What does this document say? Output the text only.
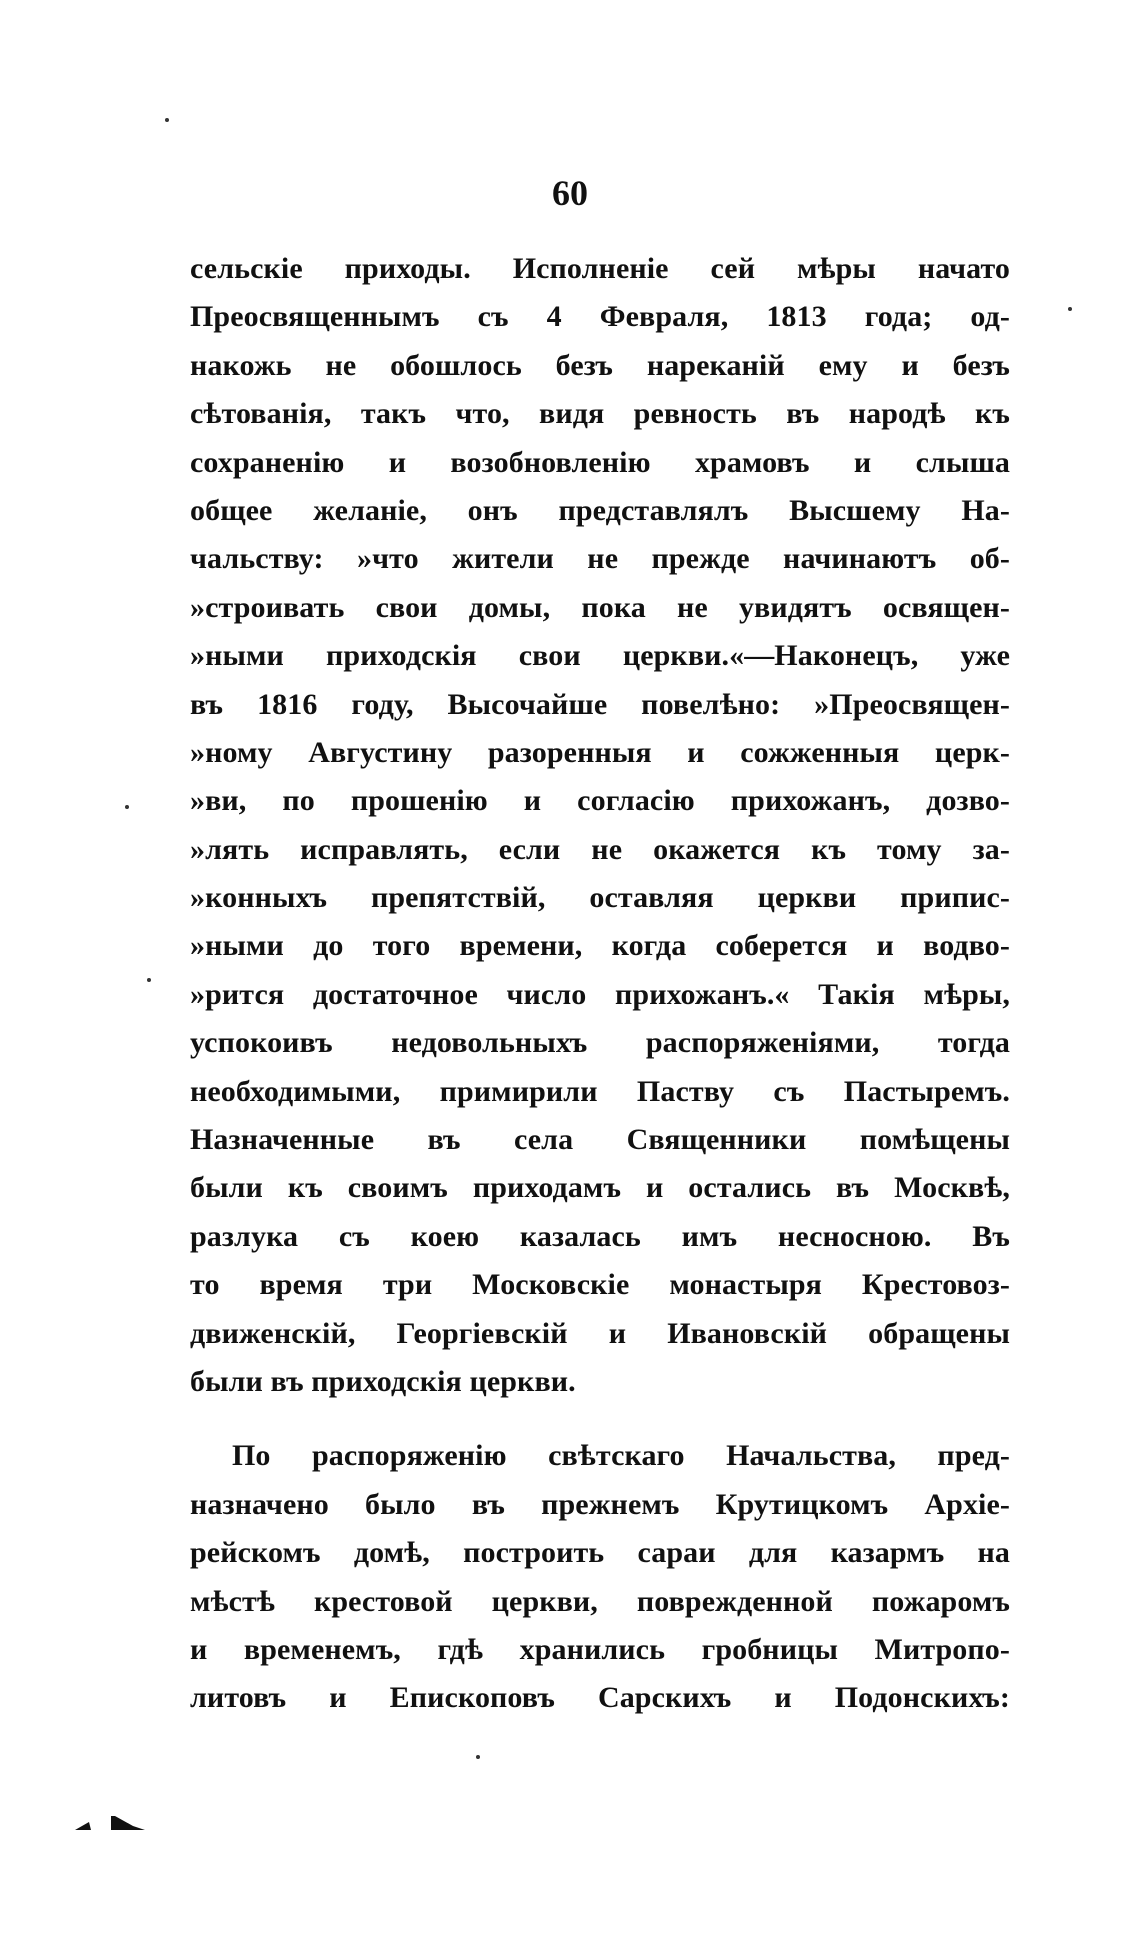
60
сельскіе приходы. Исполненіе сей мѣры начато
Преосвященнымъ съ 4 Февраля, 1813 года; од-
накожь не обошлось безъ нареканій ему и безъ
сѣтованія, такъ что, видя ревность въ народѣ къ
сохраненію и возобновленію храмовъ и слыша
общее желаніе, онъ представлялъ Высшему На-
чальству: »что жители не прежде начинаютъ об-
»строивать свои домы, пока не увидятъ освящен-
»ными приходскія свои церкви.«—Наконецъ, уже
въ 1816 году, Высочайше повелѣно: »Преосвящен-
»ному Августину разоренныя и сожженныя церк-
»ви, по прошенію и согласію прихожанъ, дозво-
»лять исправлять, если не окажется къ тому за-
»конныхъ препятствій, оставляя церкви припис-
»ными до того времени, когда соберется и водво-
»рится достаточное число прихожанъ.« Такія мѣры,
успокоивъ недовольныхъ распоряженіями, тогда
необходимыми, примирили Паству съ Пастыремъ.
Назначенные въ села Священники помѣщены
были къ своимъ приходамъ и остались въ Москвѣ,
разлука съ коею казалась имъ несносною. Въ
то время три Московскіе монастыря Крестовоз-
движенскій, Георгіевскій и Ивановскій обращены
были въ приходскія церкви.
По распоряженію свѣтскаго Начальства, пред-
назначено было въ прежнемъ Крутицкомъ Архіе-
рейскомъ домѣ, построить сараи для казармъ на
мѣстѣ крестовой церкви, поврежденной пожаромъ
и временемъ, гдѣ хранились гробницы Митропо-
литовъ и Епископовъ Сарскихъ и Подонскихъ:
